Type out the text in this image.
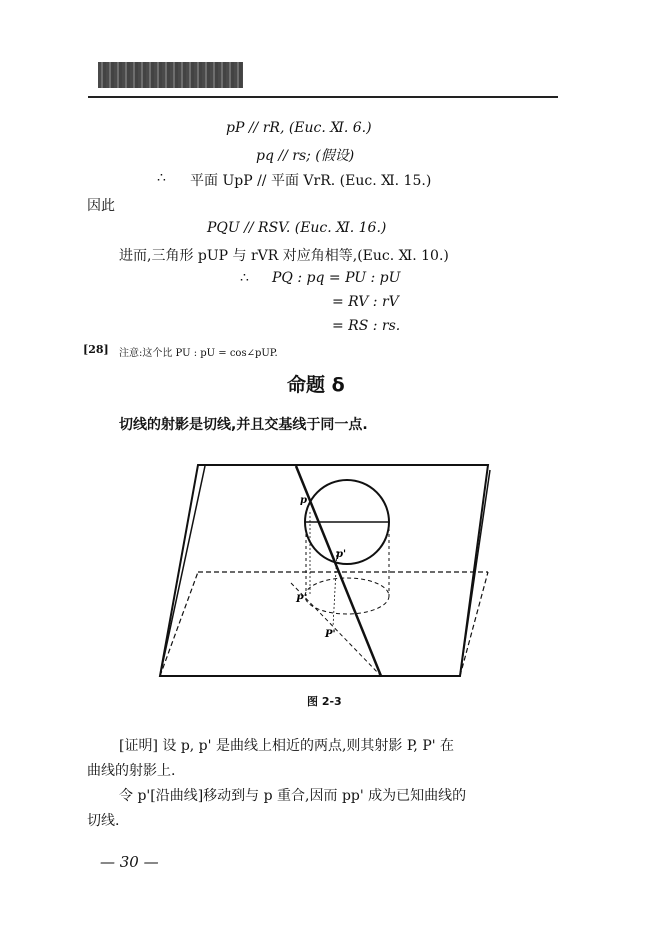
pP // rR, (Euc. Ⅺ. 6.)
pq // rs; (假设)
∴ 平面 UpP // 平面 VrR. (Euc. Ⅺ. 15.)
因此
PQU // RSV. (Euc. Ⅺ. 16.)
进而,三角形 pUP 与 rVR 对应角相等,(Euc. Ⅺ. 10.)
∴ PQ : pq = PU : pU
= RV : rV
= RS : rs.
[28] 注意:这个比 PU : pU = cos∠pUP.
命题 δ
切线的射影是切线,并且交基线于同一点.
p
p'
P
P'
图 2-3
[证明] 设 p, p' 是曲线上相近的两点,则其射影 P, P' 在
曲线的射影上.
令 p'[沿曲线]移动到与 p 重合,因而 pp' 成为已知曲线的
切线.
— 30 —
